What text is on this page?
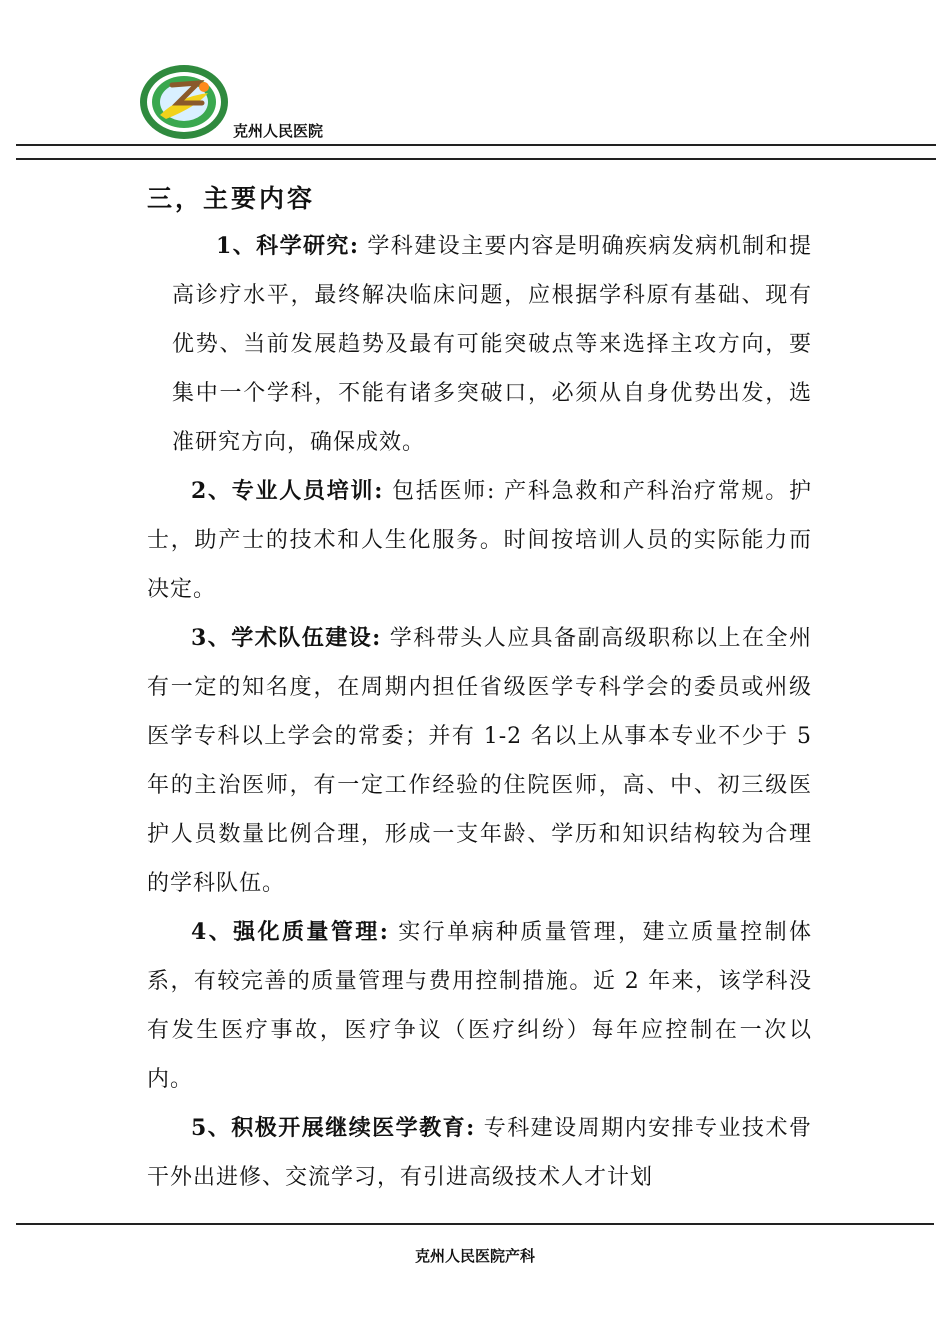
克州人民医院
三，主要内容

1、科学研究: 学科建设主要内容是明确疾病发病机制和提高诊疗水平，最终解决临床问题，应根据学科原有基础、现有优势、当前发展趋势及最有可能突破点等来选择主攻方向，要集中一个学科，不能有诸多突破口，必须从自身优势出发，选准研究方向，确保成效。

2、专业人员培训: 包括医师: 产科急救和产科治疗常规。护士，助产士的技术和人生化服务。时间按培训人员的实际能力而决定。

3、学术队伍建设: 学科带头人应具备副高级职称以上在全州有一定的知名度，在周期内担任省级医学专科学会的委员或州级医学专科以上学会的常委；并有 1-2 名以上从事本专业不少于 5 年的主治医师，有一定工作经验的住院医师，高、中、初三级医护人员数量比例合理，形成一支年龄、学历和知识结构较为合理的学科队伍。

4、强化质量管理: 实行单病种质量管理，建立质量控制体系，有较完善的质量管理与费用控制措施。近 2 年来，该学科没有发生医疗事故，医疗争议（医疗纠纷）每年应控制在一次以内。

5、积极开展继续医学教育: 专科建设周期内安排专业技术骨干外出进修、交流学习，有引进高级技术人才计划

克州人民医院产科
